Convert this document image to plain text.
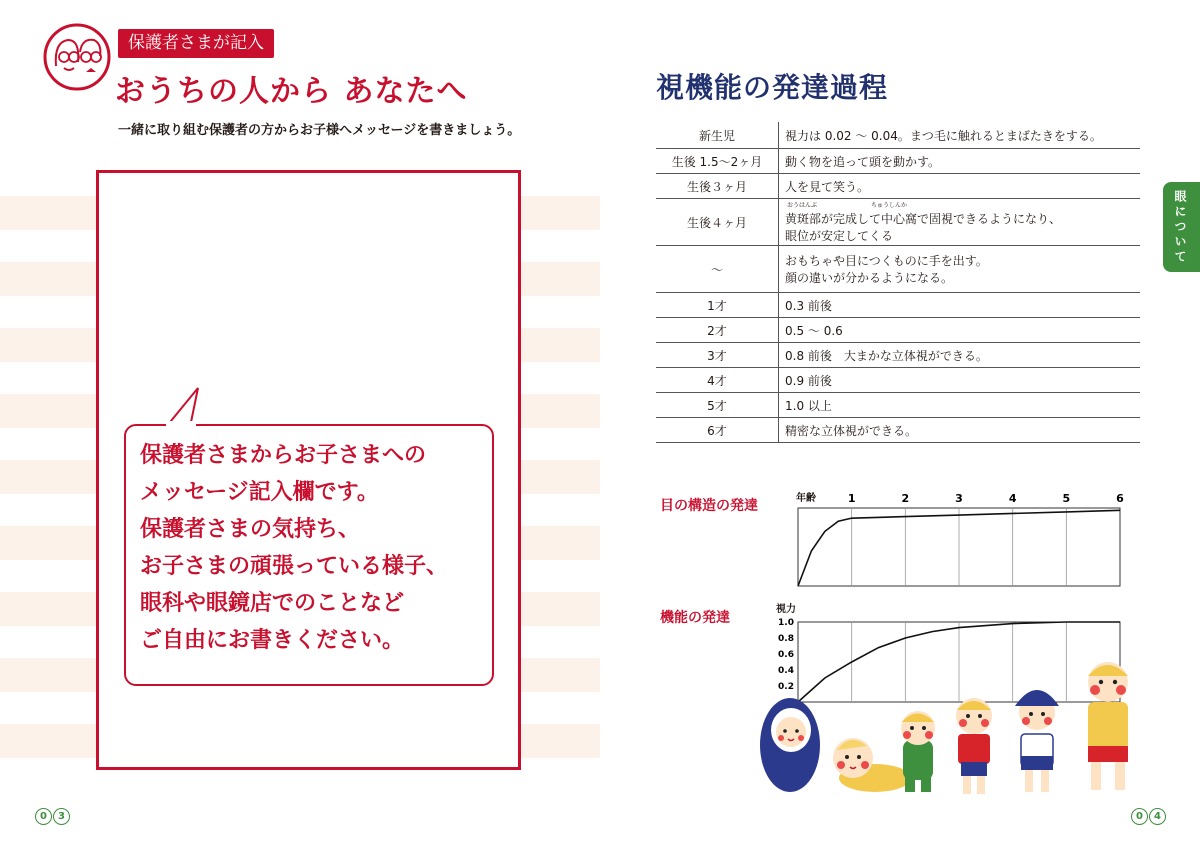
保護者さまが記入
おうちの人から あなたへ
一緒に取り組む保護者の方からお子様へメッセージを書きましょう。
保護者さまからお子さまへの
メッセージ記入欄です。
保護者さまの気持ち、
お子さまの頑張っている様子、
眼科や眼鏡店でのことなど
ご自由にお書きください。
0 3
視機能の発達過程
眼について
新生児	視力は 0.02 〜 0.04。まつ毛に触れるとまばたきをする。
生後 1.5〜2ヶ月	動く物を追って頭を動かす。
生後３ヶ月	人を見て笑う。
生後４ヶ月	おうはんぶ ちゅうしんか
黄斑部が完成して中心窩で固視できるようになり、
眼位が安定してくる

〜	おもちゃや目につくものに手を出す。
顔の違いが分かるようになる。

1才	0.3 前後
2才	0.5 〜 0.6
3才	0.8 前後　大まかな立体視ができる。
4才	0.9 前後
5才	1.0 以上
6才	精密な立体視ができる。
目の構造の発達	年齢	1	2	3	4	5	6
機能の発達
視力
1.0
0.8
0.6
0.4
0.2
0 4
